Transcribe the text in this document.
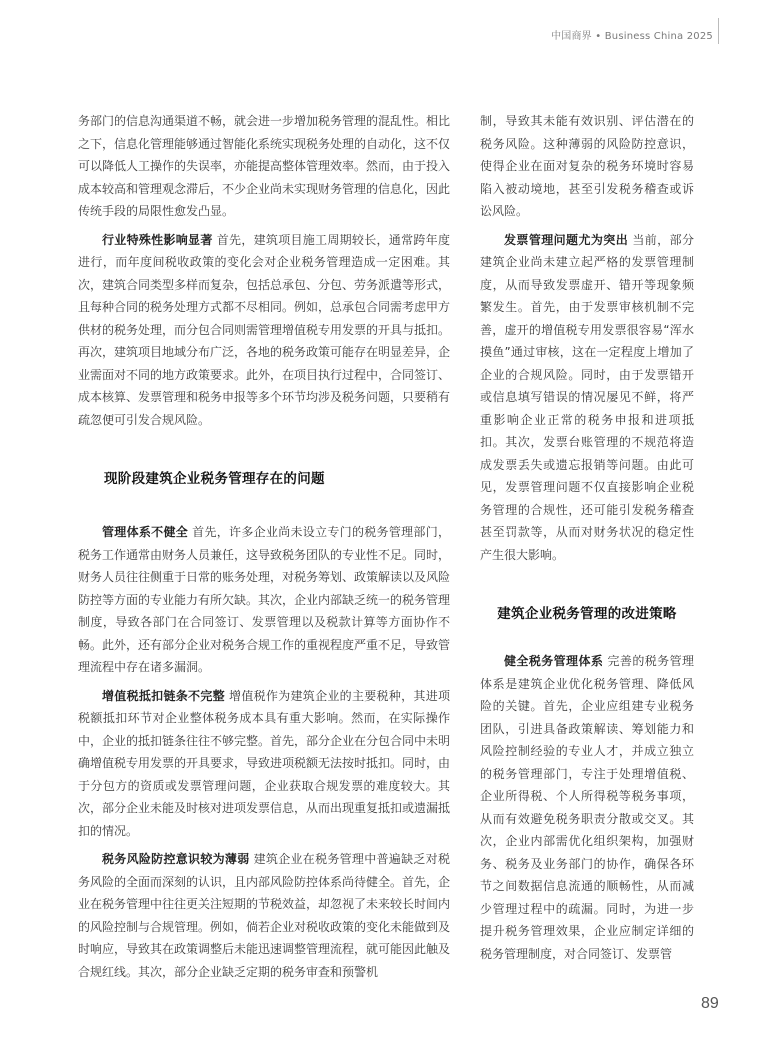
中国商界 • Business China 2025

务部门的信息沟通渠道不畅，就会进一步增加税务管理的混乱性。相比之下，信息化管理能够通过智能化系统实现税务处理的自动化，这不仅可以降低人工操作的失误率，亦能提高整体管理效率。然而，由于投入成本较高和管理观念滞后，不少企业尚未实现财务管理的信息化，因此传统手段的局限性愈发凸显。

行业特殊性影响显著 首先，建筑项目施工周期较长，通常跨年度进行，而年度间税收政策的变化会对企业税务管理造成一定困难。其次，建筑合同类型多样而复杂，包括总承包、分包、劳务派遣等形式，且每种合同的税务处理方式都不尽相同。例如，总承包合同需考虑甲方供材的税务处理，而分包合同则需管理增值税专用发票的开具与抵扣。再次，建筑项目地域分布广泛，各地的税务政策可能存在明显差异，企业需面对不同的地方政策要求。此外，在项目执行过程中，合同签订、成本核算、发票管理和税务申报等多个环节均涉及税务问题，只要稍有疏忽便可引发合规风险。

现阶段建筑企业税务管理存在的问题

管理体系不健全 首先，许多企业尚未设立专门的税务管理部门，税务工作通常由财务人员兼任，这导致税务团队的专业性不足。同时，财务人员往往侧重于日常的账务处理，对税务筹划、政策解读以及风险防控等方面的专业能力有所欠缺。其次，企业内部缺乏统一的税务管理制度，导致各部门在合同签订、发票管理以及税款计算等方面协作不畅。此外，还有部分企业对税务合规工作的重视程度严重不足，导致管理流程中存在诸多漏洞。

增值税抵扣链条不完整 增值税作为建筑企业的主要税种，其进项税额抵扣环节对企业整体税务成本具有重大影响。然而，在实际操作中，企业的抵扣链条往往不够完整。首先，部分企业在分包合同中未明确增值税专用发票的开具要求，导致进项税额无法按时抵扣。同时，由于分包方的资质或发票管理问题，企业获取合规发票的难度较大。其次，部分企业未能及时核对进项发票信息，从而出现重复抵扣或遗漏抵扣的情况。

税务风险防控意识较为薄弱 建筑企业在税务管理中普遍缺乏对税务风险的全面而深刻的认识，且内部风险防控体系尚待健全。首先，企业在税务管理中往往更关注短期的节税效益，却忽视了未来较长时间内的风险控制与合规管理。例如，倘若企业对税收政策的变化未能做到及时响应，导致其在政策调整后未能迅速调整管理流程，就可能因此触及合规红线。其次，部分企业缺乏定期的税务审查和预警机

制，导致其未能有效识别、评估潜在的税务风险。这种薄弱的风险防控意识，使得企业在面对复杂的税务环境时容易陷入被动境地，甚至引发税务稽查或诉讼风险。

发票管理问题尤为突出 当前，部分建筑企业尚未建立起严格的发票管理制度，从而导致发票虚开、错开等现象频繁发生。首先，由于发票审核机制不完善，虚开的增值税专用发票很容易“浑水摸鱼”通过审核，这在一定程度上增加了企业的合规风险。同时，由于发票错开或信息填写错误的情况屡见不鲜，将严重影响企业正常的税务申报和进项抵扣。其次，发票台账管理的不规范将造成发票丢失或遗忘报销等问题。由此可见，发票管理问题不仅直接影响企业税务管理的合规性，还可能引发税务稽查甚至罚款等，从而对财务状况的稳定性产生很大影响。

建筑企业税务管理的改进策略

健全税务管理体系 完善的税务管理体系是建筑企业优化税务管理、降低风险的关键。首先，企业应组建专业税务团队，引进具备政策解读、筹划能力和风险控制经验的专业人才，并成立独立的税务管理部门，专注于处理增值税、企业所得税、个人所得税等税务事项，从而有效避免税务职责分散或交叉。其次，企业内部需优化组织架构，加强财务、税务及业务部门的协作，确保各环节之间数据信息流通的顺畅性，从而减少管理过程中的疏漏。同时，为进一步提升税务管理效果，企业应制定详细的税务管理制度，对合同签订、发票管

89
